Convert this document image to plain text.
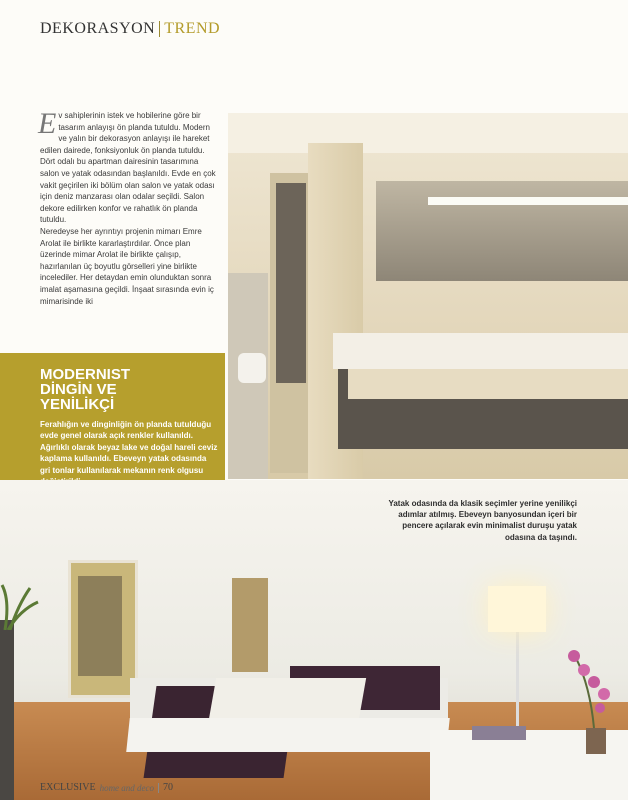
DEKORASYON TREND

Ev sahiplerinin istek ve hobilerine göre bir tasarım anlayışı ön planda tutuldu. Modern ve yalın bir dekorasyon anlayışı ile hareket edilen dairede, fonksiyonluk ön planda tutuldu. Dört odalı bu apartman dairesinin tasarımına salon ve yatak odasından başlanıldı. Evde en çok vakit geçirilen iki bölüm olan salon ve yatak odası için deniz manzarası olan odalar seçildi. Salon dekore edilirken konfor ve rahatlık ön planda tutuldu.

Neredeyse her ayrıntıyı projenin mimarı Emre Arolat ile birlikte kararlaştırdılar. Önce plan üzerinde mimar Arolat ile birlikte çalışıp, hazırlanılan üç boyutlu görselleri yine birlikte incelediler. Her detaydan emin olunduktan sonra imalat aşamasına geçildi. İnşaat sırasında evin iç mimarisinde iki

MODERNIST
DİNGİN VE
YENİLİKÇİ
Ferahlığın ve dinginliğin ön planda tutulduğu evde genel olarak açık renkler kullanıldı. Ağırlıklı olarak beyaz lake ve doğal hareli ceviz kaplama kullanıldı. Ebeveyn yatak odasında gri tonlar kullanılarak mekanın renk olgusu
Yatak odasında da klasik seçimler yerine yenilikçi adımlar atılmış. Ebeveyn banyosundan içeri bir pencere açılarak evin minimalist duruşu yatak odasına da taşındı.
EXCLUSIVE home and deco 70
